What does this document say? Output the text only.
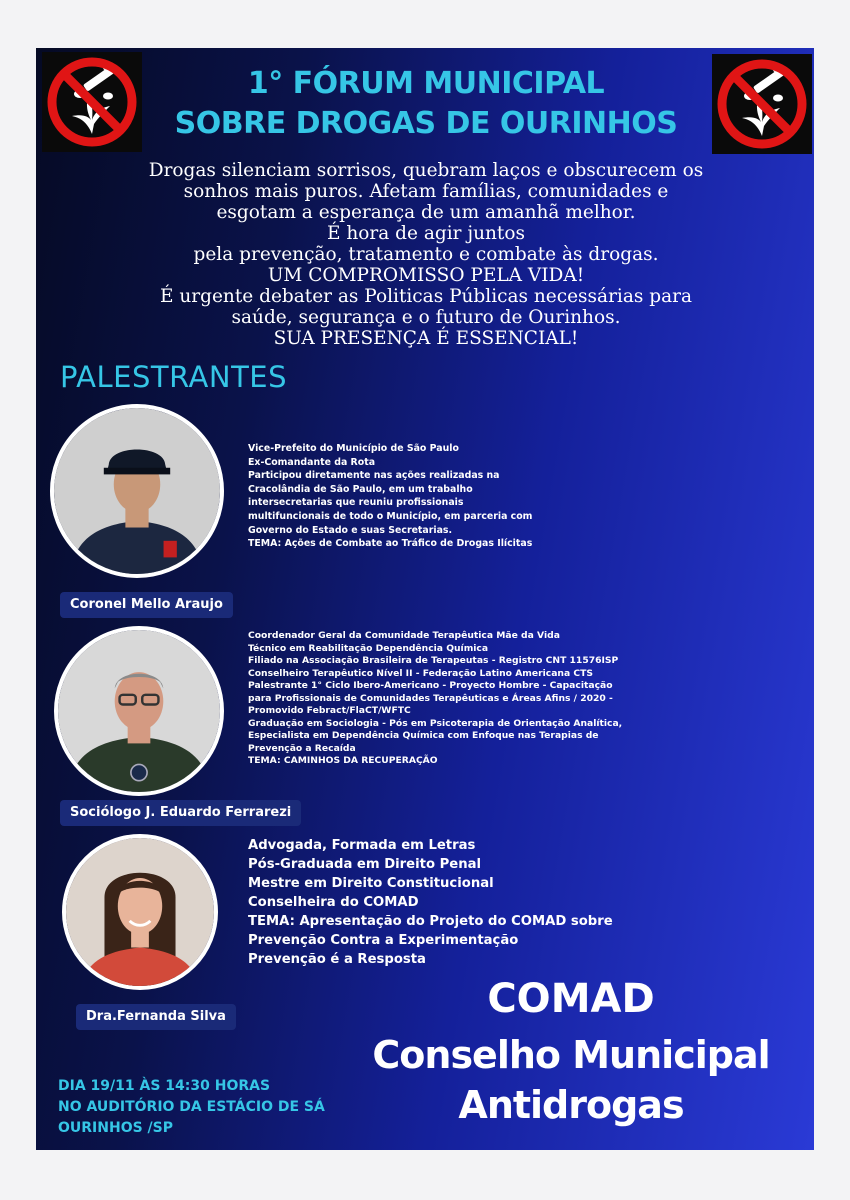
1° FÓRUM MUNICIPAL
SOBRE DROGAS DE OURINHOS
Drogas silenciam sorrisos, quebram laços e obscurecem os
sonhos mais puros. Afetam famílias, comunidades e
esgotam a esperança de um amanhã melhor.
É hora de agir juntos
pela prevenção, tratamento e combate às drogas.
UM COMPROMISSO PELA VIDA!
É urgente debater as Politicas Públicas necessárias para
saúde, segurança e o futuro de Ourinhos.
SUA PRESENÇA É ESSENCIAL!
PALESTRANTES
Coronel Mello Araujo
Vice-Prefeito do Município de São Paulo
Ex-Comandante da Rota
Participou diretamente nas ações realizadas na
Cracolândia de São Paulo, em um trabalho
intersecretarias que reuniu profissionais
multifuncionais de todo o Município, em parceria com
Governo do Estado e suas Secretarias.
TEMA: Ações de Combate ao Tráfico de Drogas Ilícitas
Sociólogo J. Eduardo Ferrarezi
Coordenador Geral da Comunidade Terapêutica Mãe da Vida
Técnico em Reabilitação Dependência Química
Filiado na Associação Brasileira de Terapeutas - Registro CNT 11576ISP
Conselheiro Terapêutico Nível II - Federação Latino Americana CTS
Palestrante 1° Ciclo Ibero-Americano - Proyecto Hombre - Capacitação
para Profissionais de Comunidades Terapêuticas e Áreas Afins / 2020 -
Promovido Febract/FlaCT/WFTC
Graduação em Sociologia - Pós em Psicoterapia de Orientação Analítica,
Especialista em Dependência Química com Enfoque nas Terapias de
Prevenção a Recaída
TEMA: CAMINHOS DA RECUPERAÇÃO
Dra.Fernanda Silva
Advogada, Formada em Letras
Pós-Graduada em Direito Penal
Mestre em Direito Constitucional
Conselheira do COMAD
TEMA: Apresentação do Projeto do COMAD sobre
Prevenção Contra a Experimentação
Prevenção é a Resposta
COMAD
Conselho Municipal
Antidrogas
DIA 19/11 ÀS 14:30 HORAS
NO AUDITÓRIO DA ESTÁCIO DE SÁ
OURINHOS /SP
